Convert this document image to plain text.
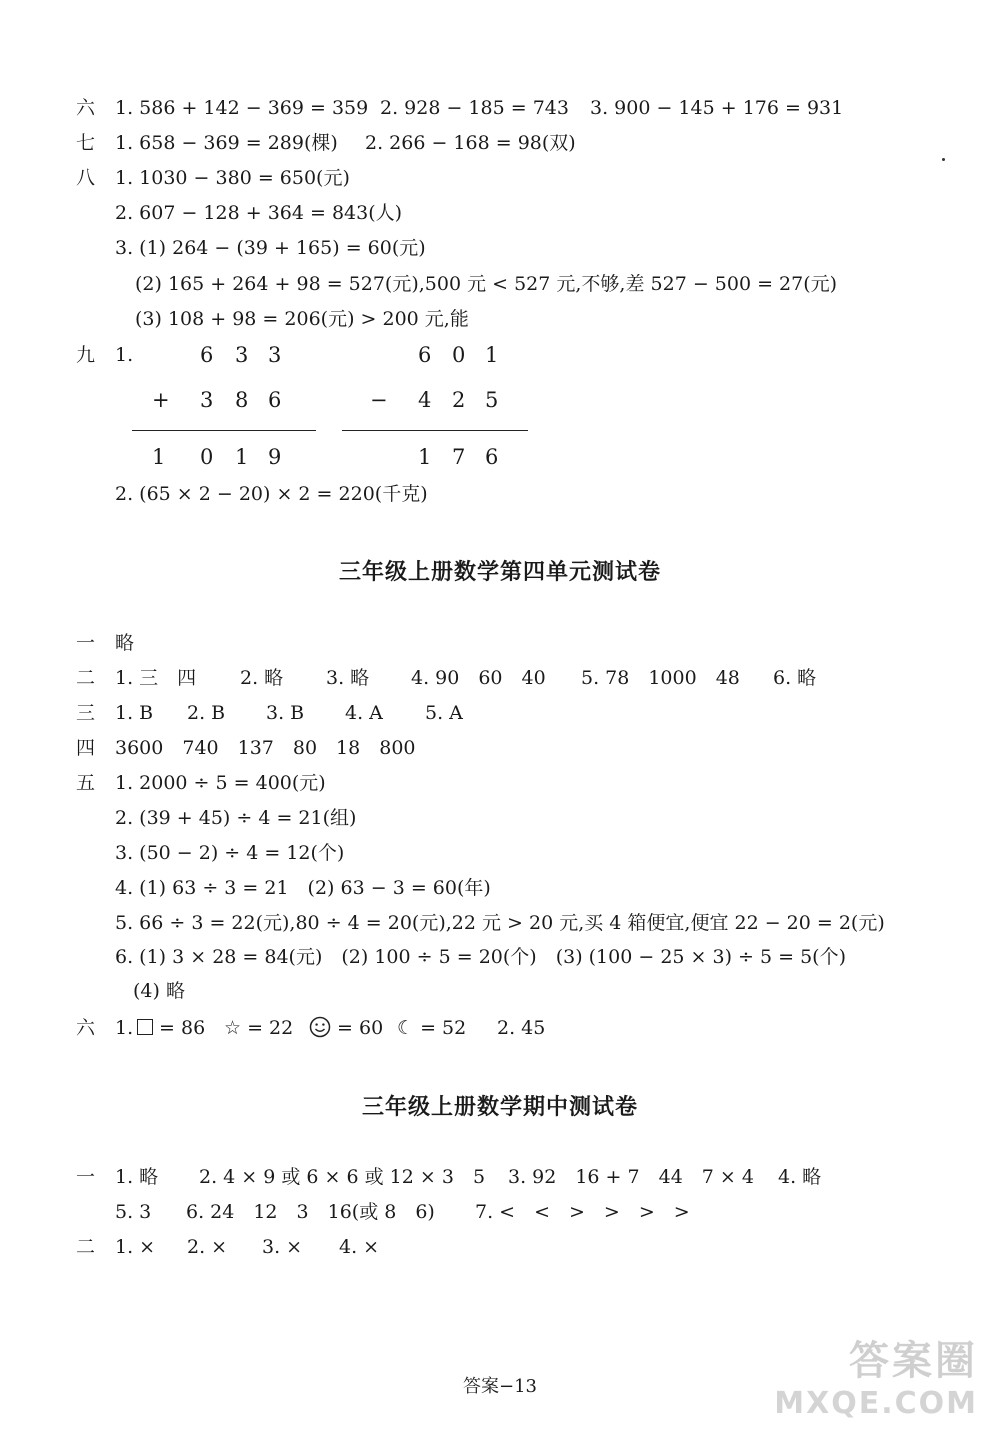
六 1. 586 + 142 − 369 = 359 2. 928 − 185 = 743 3. 900 − 145 + 176 = 931
七 1. 658 − 369 = 289(棵) 2. 266 − 168 = 98(双)
八 1. 1030 − 380 = 650(元)
2. 607 − 128 + 364 = 843(人)
3. (1) 264 − (39 + 165) = 60(元)
(2) 165 + 264 + 98 = 527(元),500 元 < 527 元,不够,差 527 − 500 = 27(元)
(3) 108 + 98 = 206(元) > 200 元,能
九 1.	6 3 3
+ 3 8 6
1 0 1 9
6 0 1
− 4 2 5
1 7 6
2. (65 × 2 − 20) × 2 = 220(千克)
三年级上册数学第四单元测试卷
一 略
二 1. 三　四 2. 略 3. 略 4. 90　60　40 5. 78　1000　48 6. 略
三 1. B 2. B 3. B 4. A 5. A
四 3600　740　137　80　18　800
五 1. 2000 ÷ 5 = 400(元)
2. (39 + 45) ÷ 4 = 21(组)
3. (50 − 2) ÷ 4 = 12(个)
4. (1) 63 ÷ 3 = 21　(2) 63 − 3 = 60(年)
5. 66 ÷ 3 = 22(元),80 ÷ 4 = 20(元),22 元 > 20 元,买 4 箱便宜,便宜 22 − 20 = 2(元)
6. (1) 3 × 28 = 84(元)　(2) 100 ÷ 5 = 20(个)　(3) (100 − 25 × 3) ÷ 5 = 5(个)
(4) 略
六 1.	= 86 ☆ = 22	= 60 ☾ = 52 2. 45
三年级上册数学期中测试卷
一 1. 略 2. 4 × 9 或 6 × 6 或 12 × 3　5 3. 92　16 + 7　44　7 × 4 4. 略
5. 3 6. 24　12　3　16(或 8　6) 7. <　<　>　>　>　>
二 1. × 2. × 3. × 4. ×
答案−13
答案圈
MXQE.COM
